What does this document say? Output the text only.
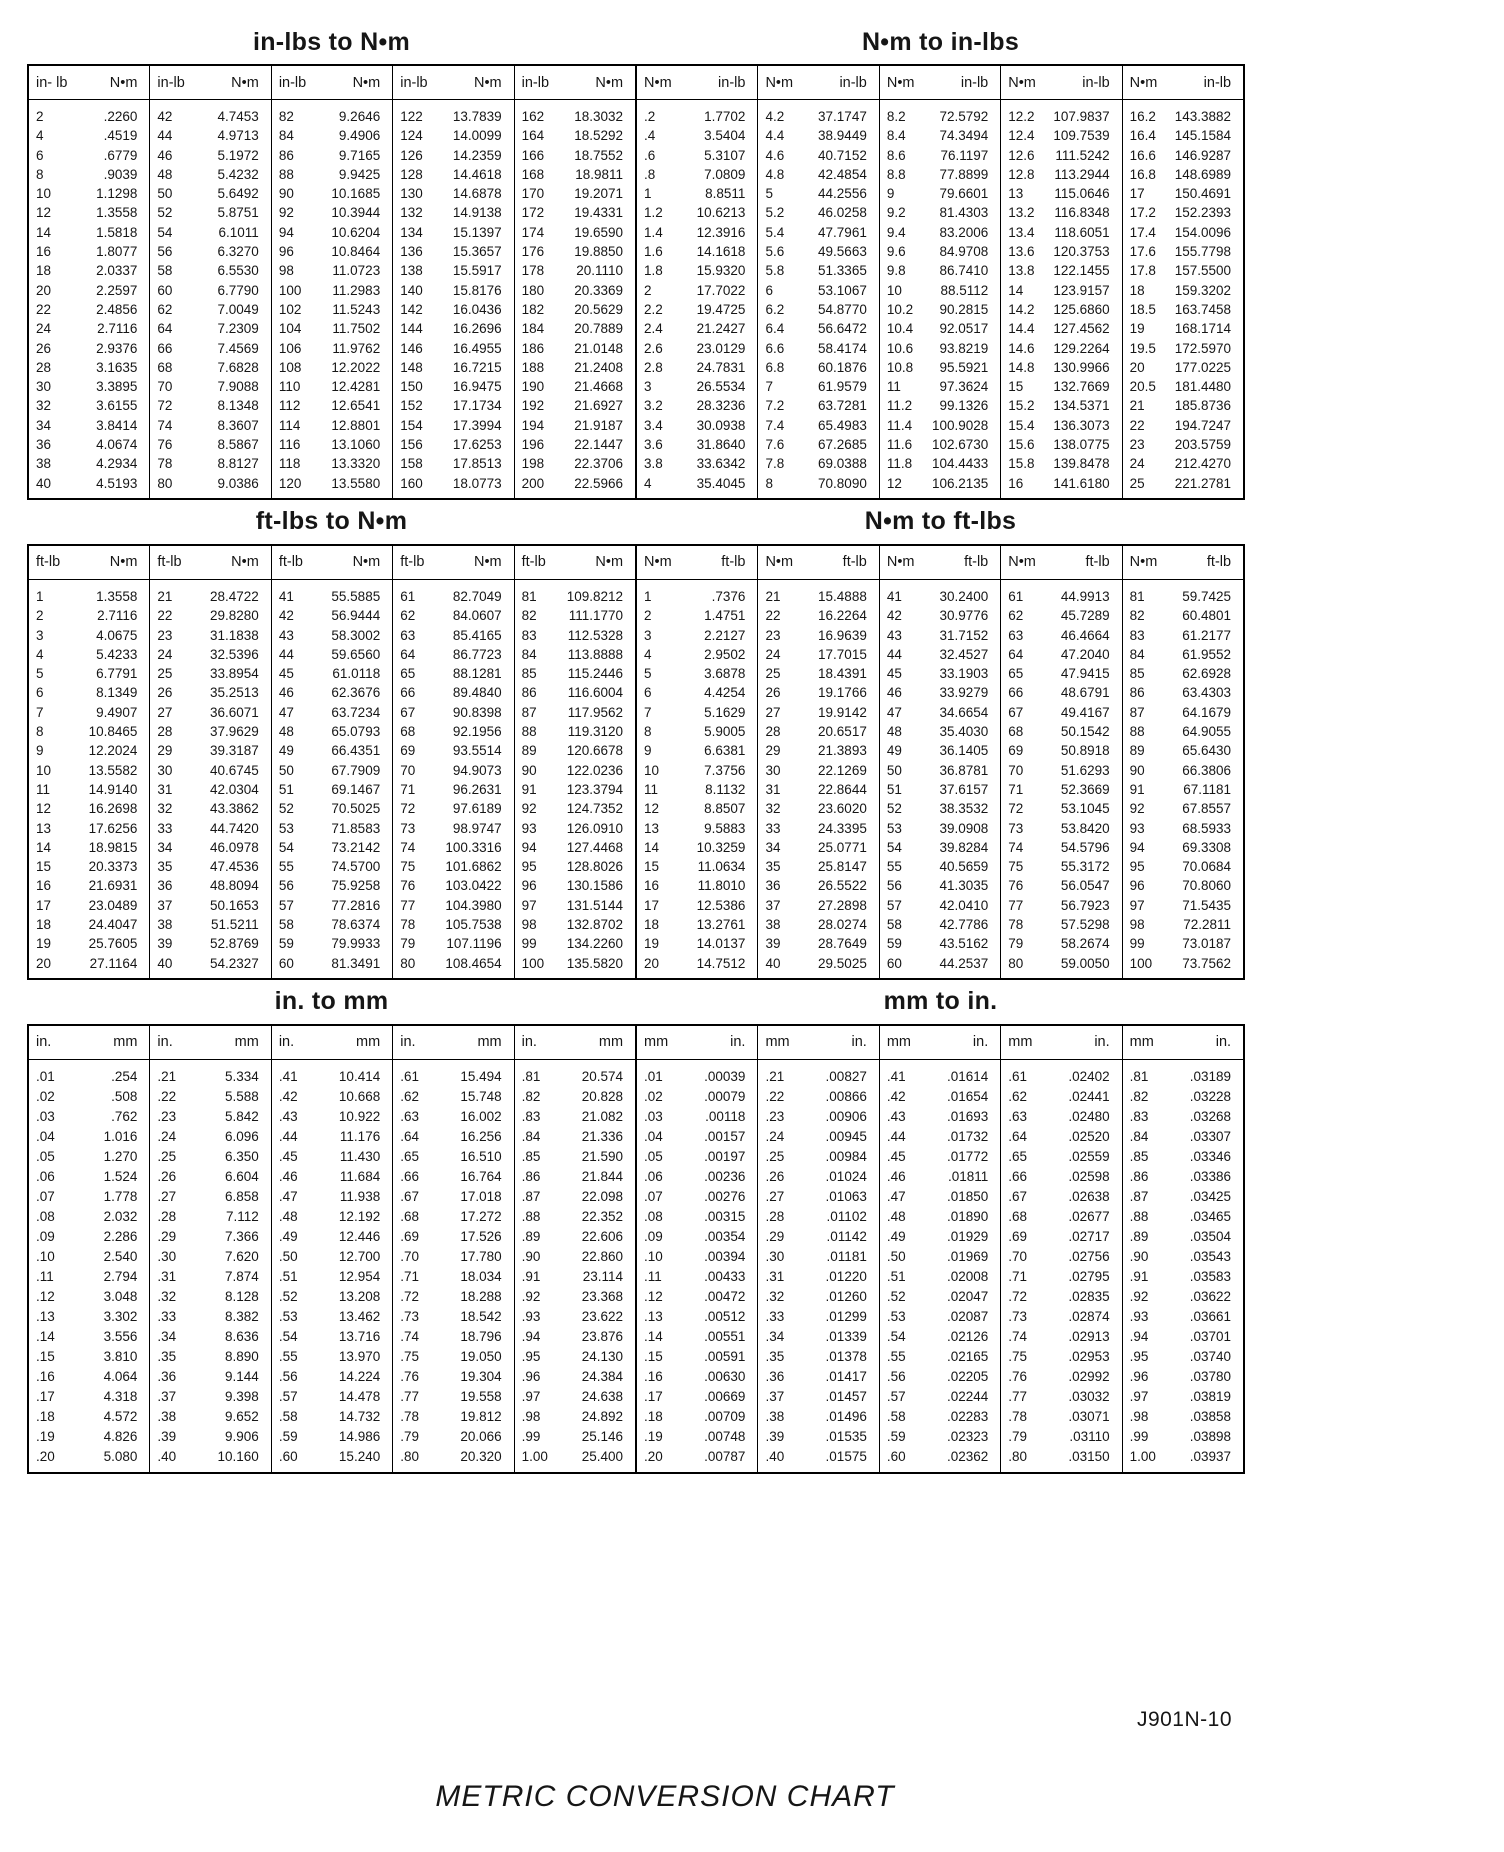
in-lbs to N•m	N•m to in-lbs
in- lb	N•m
2	.2260
4	.4519
6	.6779
8	.9039
10	1.1298
12	1.3558
14	1.5818
16	1.8077
18	2.0337
20	2.2597
22	2.4856
24	2.7116
26	2.9376
28	3.1635
30	3.3895
32	3.6155
34	3.8414
36	4.0674
38	4.2934
40	4.5193
in-lb	N•m
42	4.7453
44	4.9713
46	5.1972
48	5.4232
50	5.6492
52	5.8751
54	6.1011
56	6.3270
58	6.5530
60	6.7790
62	7.0049
64	7.2309
66	7.4569
68	7.6828
70	7.9088
72	8.1348
74	8.3607
76	8.5867
78	8.8127
80	9.0386
in-lb	N•m
82	9.2646
84	9.4906
86	9.7165
88	9.9425
90	10.1685
92	10.3944
94	10.6204
96	10.8464
98	11.0723
100 11.2983
102 11.5243
104 11.7502
106 11.9762
108 12.2022
110 12.4281
112 12.6541
114 12.8801
116 13.1060
118 13.3320
120 13.5580
in-lb	N•m
122 13.7839
124 14.0099
126 14.2359
128 14.4618
130 14.6878
132 14.9138
134 15.1397
136 15.3657
138 15.5917
140 15.8176
142 16.0436
144 16.2696
146 16.4955
148 16.7215
150 16.9475
152 17.1734
154 17.3994
156 17.6253
158 17.8513
160 18.0773
in-lb	N•m
162 18.3032
164 18.5292
166 18.7552
168 18.9811
170 19.2071
172 19.4331
174 19.6590
176 19.8850
178 20.1110
180 20.3369
182 20.5629
184 20.7889
186 21.0148
188 21.2408
190 21.4668
192 21.6927
194 21.9187
196 22.1447
198 22.3706
200 22.5966
N•m	in-lb
.2	1.7702
.4	3.5404
.6	5.3107
.8	7.0809
1	8.8511
1.2	10.6213
1.4	12.3916
1.6	14.1618
1.8	15.9320
2	17.7022
2.2	19.4725
2.4	21.2427
2.6	23.0129
2.8	24.7831
3	26.5534
3.2	28.3236
3.4	30.0938
3.6	31.8640
3.8	33.6342
4	35.4045
N•m	in-lb
4.2	37.1747
4.4	38.9449
4.6	40.7152
4.8	42.4854
5	44.2556
5.2	46.0258
5.4	47.7961
5.6	49.5663
5.8	51.3365
6	53.1067
6.2	54.8770
6.4	56.6472
6.6	58.4174
6.8	60.1876
7	61.9579
7.2	63.7281
7.4	65.4983
7.6	67.2685
7.8	69.0388
8	70.8090
N•m	in-lb
8.2	72.5792
8.4	74.3494
8.6	76.1197
8.8	77.8899
9	79.6601
9.2	81.4303
9.4	83.2006
9.6	84.9708
9.8	86.7410
10	88.5112
10.2 90.2815
10.4 92.0517
10.6 93.8219
10.8 95.5921
11	97.3624
11.2 99.1326
11.4 100.9028
11.6 102.6730
11.8 104.4433
12 106.2135
N•m	in-lb
12.2 107.9837
12.4 109.7539
12.6 111.5242
12.8 113.2944
13 115.0646
13.2 116.8348
13.4 118.6051
13.6 120.3753
13.8 122.1455
14 123.9157
14.2 125.6860
14.4 127.4562
14.6 129.2264
14.8 130.9966
15 132.7669
15.2 134.5371
15.4 136.3073
15.6 138.0775
15.8 139.8478
16 141.6180
N•m	in-lb
16.2 143.3882
16.4 145.1584
16.6 146.9287
16.8 148.6989
17 150.4691
17.2 152.2393
17.4 154.0096
17.6 155.7798
17.8 157.5500
18 159.3202
18.5 163.7458
19 168.1714
19.5 172.5970
20 177.0225
20.5 181.4480
21 185.8736
22 194.7247
23 203.5759
24 212.4270
25 221.2781
ft-lbs to N•m	N•m to ft-lbs
ft-lb	N•m
1	1.3558
2	2.7116
3	4.0675
4	5.4233
5	6.7791
6	8.1349
7	9.4907
8	10.8465
9	12.2024
10	13.5582
11	14.9140
12	16.2698
13	17.6256
14	18.9815
15	20.3373
16	21.6931
17	23.0489
18	24.4047
19	25.7605
20	27.1164
ft-lb	N•m
21	28.4722
22	29.8280
23	31.1838
24	32.5396
25	33.8954
26	35.2513
27	36.6071
28	37.9629
29	39.3187
30	40.6745
31	42.0304
32	43.3862
33	44.7420
34	46.0978
35	47.4536
36	48.8094
37	50.1653
38	51.5211
39	52.8769
40	54.2327
ft-lb	N•m
41	55.5885
42	56.9444
43	58.3002
44	59.6560
45	61.0118
46	62.3676
47	63.7234
48	65.0793
49	66.4351
50	67.7909
51	69.1467
52	70.5025
53	71.8583
54	73.2142
55	74.5700
56	75.9258
57	77.2816
58	78.6374
59	79.9933
60	81.3491
ft-lb	N•m
61	82.7049
62	84.0607
63	85.4165
64	86.7723
65	88.1281
66	89.4840
67	90.8398
68	92.1956
69	93.5514
70	94.9073
71	96.2631
72	97.6189
73	98.9747
74 100.3316
75 101.6862
76 103.0422
77 104.3980
78 105.7538
79 107.1196
80 108.4654
ft-lb	N•m
81 109.8212
82 111.1770
83 112.5328
84 113.8888
85 115.2446
86 116.6004
87 117.9562
88 119.3120
89 120.6678
90 122.0236
91 123.3794
92 124.7352
93 126.0910
94 127.4468
95 128.8026
96 130.1586
97 131.5144
98 132.8702
99 134.2260
100 135.5820
N•m	ft-lb
1	.7376
2	1.4751
3	2.2127
4	2.9502
5	3.6878
6	4.4254
7	5.1629
8	5.9005
9	6.6381
10	7.3756
11	8.1132
12	8.8507
13	9.5883
14	10.3259
15	11.0634
16	11.8010
17	12.5386
18	13.2761
19	14.0137
20	14.7512
N•m	ft-lb
21	15.4888
22	16.2264
23	16.9639
24	17.7015
25	18.4391
26	19.1766
27	19.9142
28	20.6517
29	21.3893
30	22.1269
31	22.8644
32	23.6020
33	24.3395
34	25.0771
35	25.8147
36	26.5522
37	27.2898
38	28.0274
39	28.7649
40	29.5025
N•m	ft-lb
41	30.2400
42	30.9776
43	31.7152
44	32.4527
45	33.1903
46	33.9279
47	34.6654
48	35.4030
49	36.1405
50	36.8781
51	37.6157
52	38.3532
53	39.0908
54	39.8284
55	40.5659
56	41.3035
57	42.0410
58	42.7786
59	43.5162
60	44.2537
N•m	ft-lb
61	44.9913
62	45.7289
63	46.4664
64	47.2040
65	47.9415
66	48.6791
67	49.4167
68	50.1542
69	50.8918
70	51.6293
71	52.3669
72	53.1045
73	53.8420
74	54.5796
75	55.3172
76	56.0547
77	56.7923
78	57.5298
79	58.2674
80	59.0050
N•m	ft-lb
81	59.7425
82	60.4801
83	61.2177
84	61.9552
85	62.6928
86	63.4303
87	64.1679
88	64.9055
89	65.6430
90	66.3806
91	67.1181
92	67.8557
93	68.5933
94	69.3308
95	70.0684
96	70.8060
97	71.5435
98	72.2811
99	73.0187
100 73.7562
in. to mm	mm to in.
in.	mm
.01	.254
.02	.508
.03	.762
.04	1.016
.05	1.270
.06	1.524
.07	1.778
.08	2.032
.09	2.286
.10	2.540
.11	2.794
.12	3.048
.13	3.302
.14	3.556
.15	3.810
.16	4.064
.17	4.318
.18	4.572
.19	4.826
.20	5.080
in.	mm
.21	5.334
.22	5.588
.23	5.842
.24	6.096
.25	6.350
.26	6.604
.27	6.858
.28	7.112
.29	7.366
.30	7.620
.31	7.874
.32	8.128
.33	8.382
.34	8.636
.35	8.890
.36	9.144
.37	9.398
.38	9.652
.39	9.906
.40	10.160
in.	mm
.41	10.414
.42	10.668
.43	10.922
.44	11.176
.45	11.430
.46	11.684
.47	11.938
.48	12.192
.49	12.446
.50	12.700
.51	12.954
.52	13.208
.53	13.462
.54	13.716
.55	13.970
.56	14.224
.57	14.478
.58	14.732
.59	14.986
.60	15.240
in.	mm
.61	15.494
.62	15.748
.63	16.002
.64	16.256
.65	16.510
.66	16.764
.67	17.018
.68	17.272
.69	17.526
.70	17.780
.71	18.034
.72	18.288
.73	18.542
.74	18.796
.75	19.050
.76	19.304
.77	19.558
.78	19.812
.79	20.066
.80	20.320
in.	mm
.81	20.574
.82	20.828
.83	21.082
.84	21.336
.85	21.590
.86	21.844
.87	22.098
.88	22.352
.89	22.606
.90	22.860
.91	23.114
.92	23.368
.93	23.622
.94	23.876
.95	24.130
.96	24.384
.97	24.638
.98	24.892
.99	25.146
1.00	25.400
mm	in.
.01	.00039
.02	.00079
.03	.00118
.04	.00157
.05	.00197
.06	.00236
.07	.00276
.08	.00315
.09	.00354
.10	.00394
.11	.00433
.12	.00472
.13	.00512
.14	.00551
.15	.00591
.16	.00630
.17	.00669
.18	.00709
.19	.00748
.20	.00787
mm	in.
.21	.00827
.22	.00866
.23	.00906
.24	.00945
.25	.00984
.26	.01024
.27	.01063
.28	.01102
.29	.01142
.30	.01181
.31	.01220
.32	.01260
.33	.01299
.34	.01339
.35	.01378
.36	.01417
.37	.01457
.38	.01496
.39	.01535
.40	.01575
mm	in.
.41	.01614
.42	.01654
.43	.01693
.44	.01732
.45	.01772
.46	.01811
.47	.01850
.48	.01890
.49	.01929
.50	.01969
.51	.02008
.52	.02047
.53	.02087
.54	.02126
.55	.02165
.56	.02205
.57	.02244
.58	.02283
.59	.02323
.60	.02362
mm	in.
.61	.02402
.62	.02441
.63	.02480
.64	.02520
.65	.02559
.66	.02598
.67	.02638
.68	.02677
.69	.02717
.70	.02756
.71	.02795
.72	.02835
.73	.02874
.74	.02913
.75	.02953
.76	.02992
.77	.03032
.78	.03071
.79	.03110
.80	.03150
mm	in.
.81	.03189
.82	.03228
.83	.03268
.84	.03307
.85	.03346
.86	.03386
.87	.03425
.88	.03465
.89	.03504
.90	.03543
.91	.03583
.92	.03622
.93	.03661
.94	.03701
.95	.03740
.96	.03780
.97	.03819
.98	.03858
.99	.03898
1.00	.03937
J901N-10
METRIC CONVERSION CHART
